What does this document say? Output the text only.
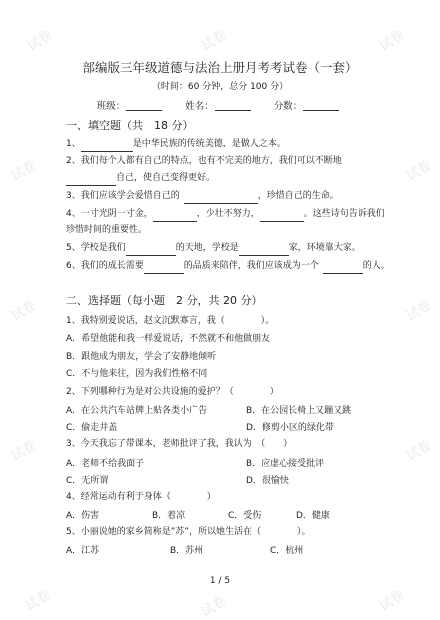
试卷	试卷	试卷
试卷	试卷
试卷	试卷
试卷	试卷
试卷	试卷	试卷
部编版三年级道德与法治上册月考考试卷（一套）
（时间：60 分钟，总分 100 分）
班级：	姓名：	分数：
一、填空题（共　18 分）
1、	是中华民族的传统美德，是做人之本。
2、我们每个人都有自己的特点，也有不完美的地方，我们可以不断地
自己，使自己变得更好。
3、我们应该学会爱惜自己的	，珍惜自己的生命。
4、一寸光阴一寸金，	，少壮不努力，	。这些诗句告诉我们
珍惜时间的重要性。
5、学校是我们	的天地，学校是	家，环境靠大家。
6、我们的成长需要	的品质来陪伴，我们应该成为一个	的人。
二、选择题（每小题　2 分，共 20 分）
1、我特别爱说话，赵文沉默寡言，我（　　　　）。
A．希望他能和我一样爱说话，不然就不和他做朋友
B．跟他成为朋友，学会了安静地倾听
C．不与他来往，因为我们性格不同
2、下列哪种行为是对公共设施的爱护？（　　　　）
A．在公共汽车站牌上贴各类小广告	B．在公园长椅上又蹦又跳
C．偷走井盖	D．修剪小区的绿化带
3、今天我忘了带课本，老师批评了我，我认为　（　　）
A．老师不给我面子	B．应虚心接受批评
C．无所谓	D．很愉快
4、经常运动有利于身体（　　　　）
A．伤害	B．着凉	C．受伤	D．健康
5、小丽说她的家乡简称是”苏”，所以她生活在（　　　　）。
A．江苏	B．苏州	C．杭州
1 / 5
